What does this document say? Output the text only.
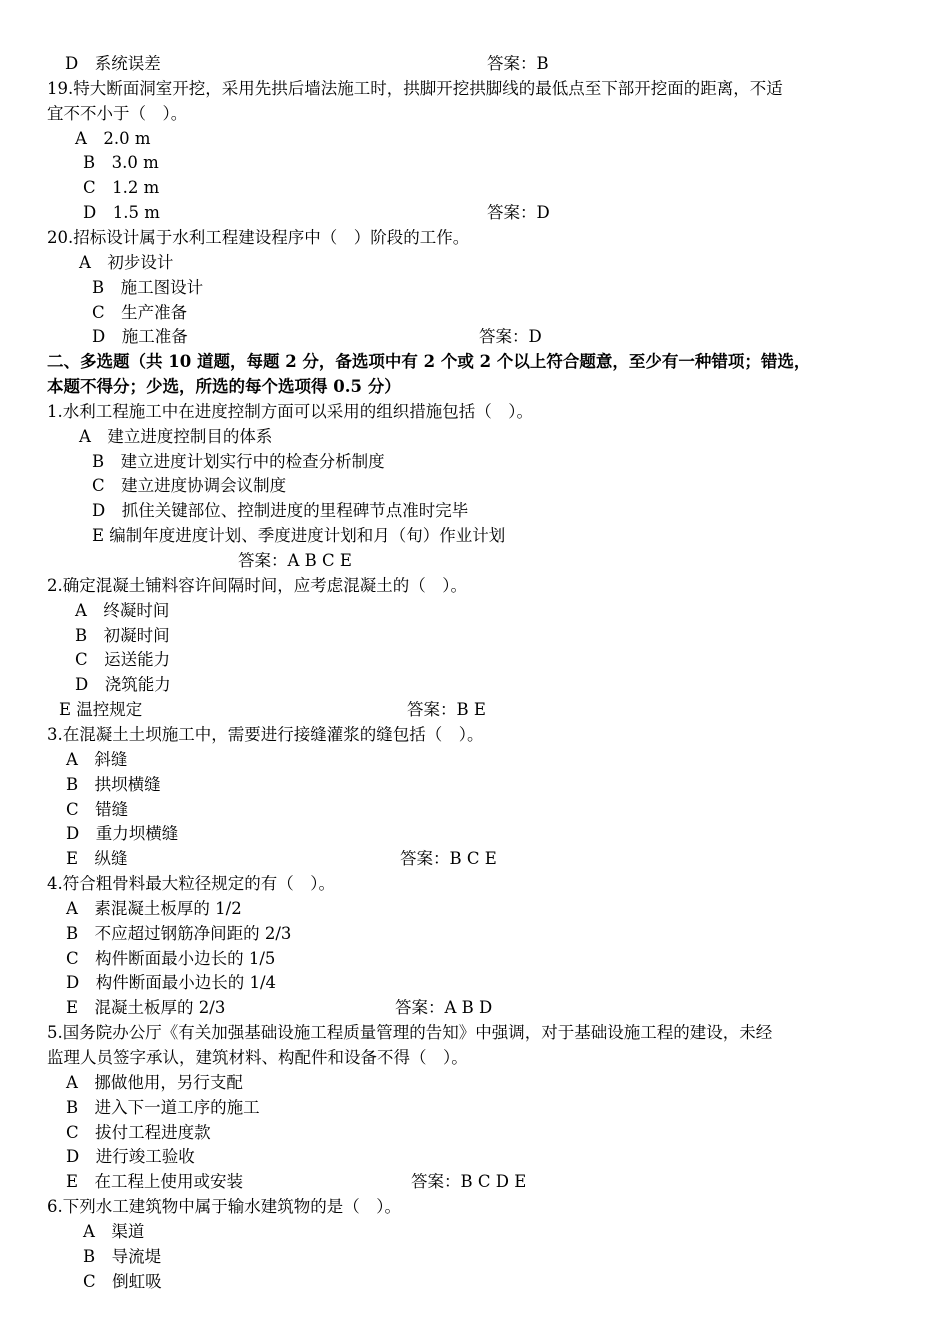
D　系统误差	答案：B
19.特大断面洞室开挖，采用先拱后墙法施工时，拱脚开挖拱脚线的最低点至下部开挖面的距离，不适
宜不不小于（　）。
A　2.0 m
B　3.0 m
C　1.2 m
D　1.5 m	答案：D
20.招标设计属于水利工程建设程序中（　）阶段的工作。
A　初步设计
B　施工图设计
C　生产准备
D　施工准备	答案：D
二、多选题（共 10 道题，每题 2 分，备选项中有 2 个或 2 个以上符合题意，至少有一种错项；错选，
本题不得分；少选，所选的每个选项得 0.5 分）
1.水利工程施工中在进度控制方面可以采用的组织措施包括（　）。
A　建立进度控制目的体系
B　建立进度计划实行中的检查分析制度
C　建立进度协调会议制度
D　抓住关键部位、控制进度的里程碑节点准时完毕
E 编制年度进度计划、季度进度计划和月（旬）作业计划
答案：A B C E
2.确定混凝土铺料容许间隔时间，应考虑混凝土的（　）。
A　终凝时间
B　初凝时间
C　运送能力
D　浇筑能力
E 温控规定	答案：B E
3.在混凝土土坝施工中，需要进行接缝灌浆的缝包括（　）。
A　斜缝
B　拱坝横缝
C　错缝
D　重力坝横缝
E　纵缝	答案：B C E
4.符合粗骨料最大粒径规定的有（　）。
A　素混凝土板厚的 1/2
B　不应超过钢筋净间距的 2/3
C　构件断面最小边长的 1/5
D　构件断面最小边长的 1/4
E　混凝土板厚的 2/3	答案：A B D
5.国务院办公厅《有关加强基础设施工程质量管理的告知》中强调，对于基础设施工程的建设，未经
监理人员签字承认，建筑材料、构配件和设备不得（　）。
A　挪做他用，另行支配
B　进入下一道工序的施工
C　拔付工程进度款
D　进行竣工验收
E　在工程上使用或安装	答案：B C D E
6.下列水工建筑物中属于输水建筑物的是（　）。
A　渠道
B　导流堤
C　倒虹吸
